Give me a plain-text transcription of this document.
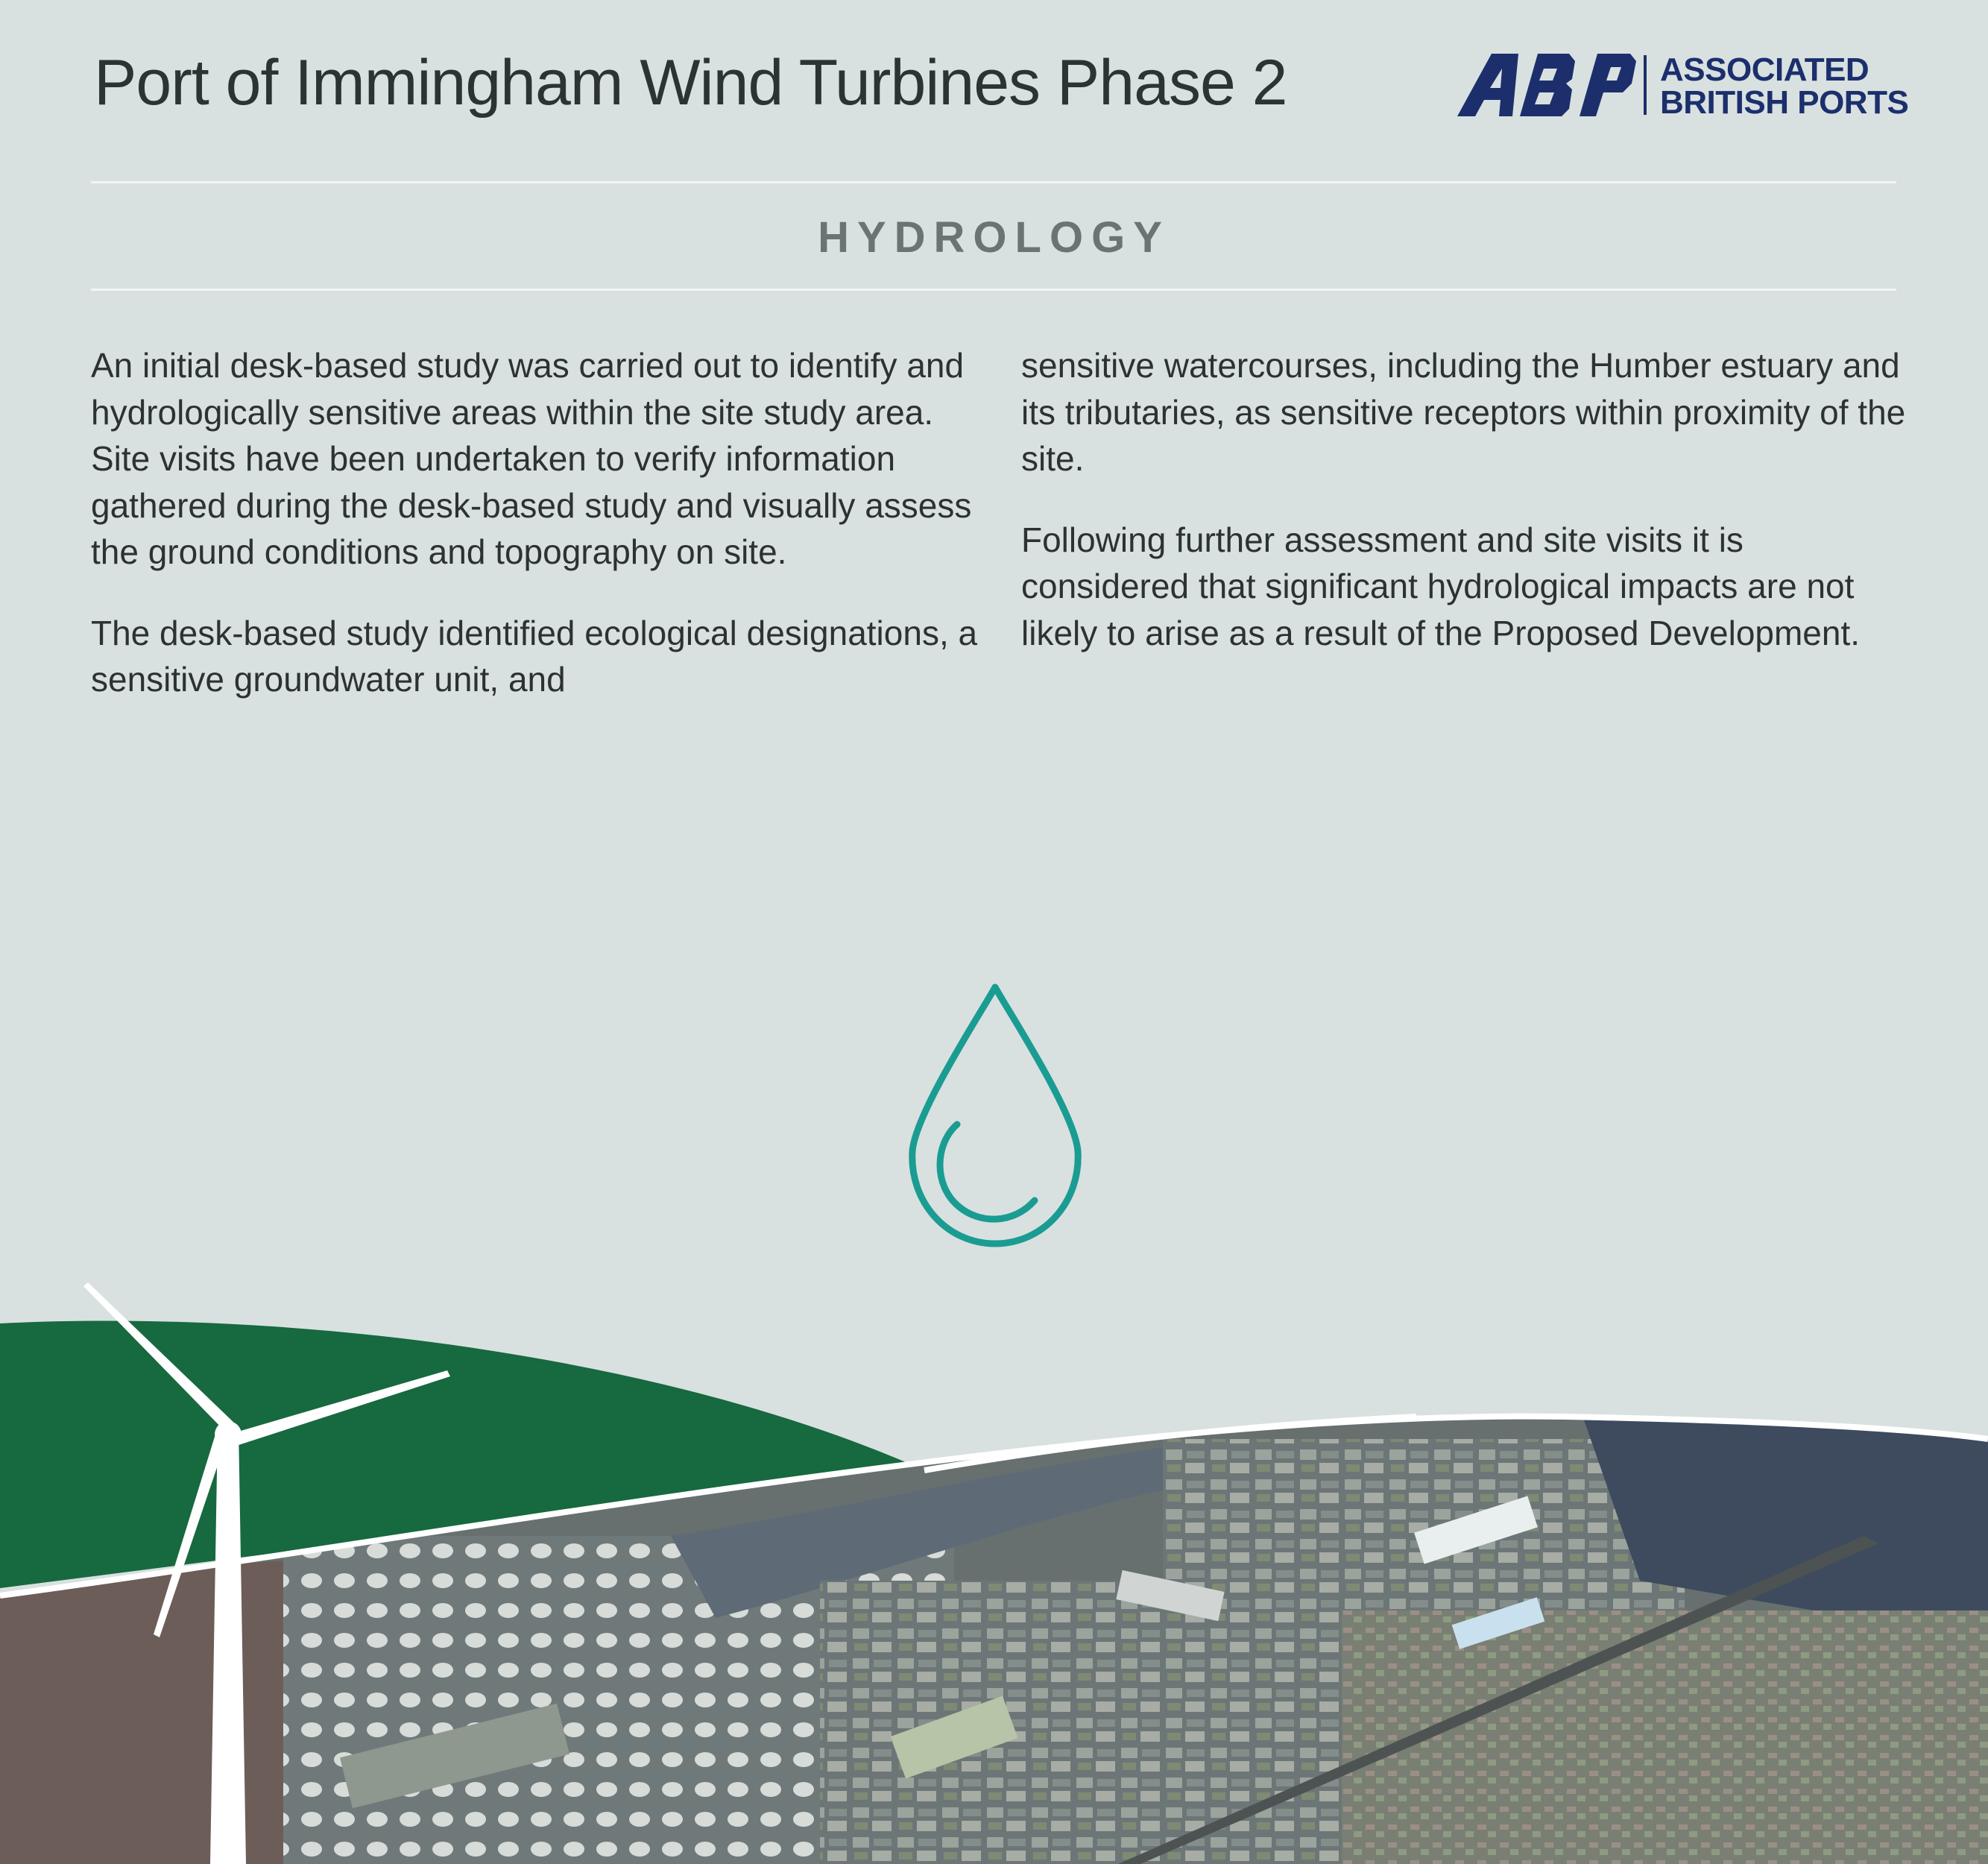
Port of Immingham Wind Turbines Phase 2	ASSOCIATED
BRITISH PORTS
HYDROLOGY

An initial desk-based study was carried out to identify and hydrologically sensitive areas within the site study area. Site visits have been undertaken to verify information gathered during the desk-based study and visually assess the ground conditions and topography on site.

The desk-based study identified ecological designations, a sensitive groundwater unit, and

sensitive watercourses, including the Humber estuary and its tributaries, as sensitive receptors within proximity of the site.

Following further assessment and site visits it is considered that significant hydrological impacts are not likely to arise as a result of the Proposed Development.
